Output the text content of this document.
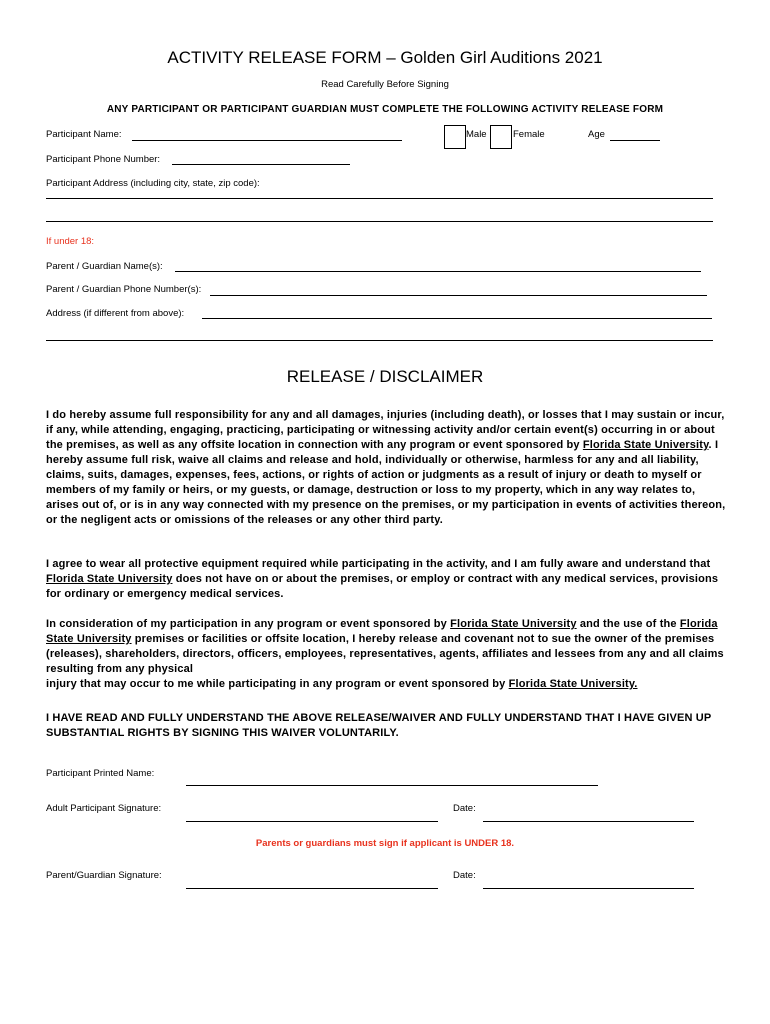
ACTIVITY RELEASE FORM – Golden Girl Auditions 2021
Read Carefully Before Signing
ANY PARTICIPANT OR PARTICIPANT GUARDIAN MUST COMPLETE THE FOLLOWING ACTIVITY RELEASE FORM
Participant Name:	Male	Female	Age
Participant Phone Number:
Participant Address (including city, state, zip code):
If under 18:
Parent / Guardian Name(s):
Parent / Guardian Phone Number(s):
Address (if different from above):
RELEASE / DISCLAIMER
I do hereby assume full responsibility for any and all damages, injuries (including death), or losses that I may sustain or incur, if any, while attending, engaging, practicing, participating or witnessing activity and/or certain event(s) occurring in or about the premises, as well as any offsite location in connection with any program or event sponsored by Florida State University. I hereby assume full risk, waive all claims and release and hold, individually or otherwise, harmless for any and all liability, claims, suits, damages, expenses, fees, actions, or rights of action or judgments as a result of injury or death to myself or members of my family or heirs, or my guests, or damage, destruction or loss to my property, which in any way relates to, arises out of, or is in any way connected with my presence on the premises, or my participation in events of activities thereon, or the negligent acts or omissions of the releases or any other third party.
I agree to wear all protective equipment required while participating in the activity, and I am fully aware and understand that Florida State University does not have on or about the premises, or employ or contract with any medical services, provisions for ordinary or emergency medical services.
In consideration of my participation in any program or event sponsored by Florida State University and the use of the Florida State University premises or facilities or offsite location, I hereby release and covenant not to sue the owner of the premises (releases), shareholders, directors, officers, employees, representatives, agents, affiliates and lessees from any and all claims resulting from any physical
injury that may occur to me while participating in any program or event sponsored by Florida State University.
I HAVE READ AND FULLY UNDERSTAND THE ABOVE RELEASE/WAIVER AND FULLY UNDERSTAND THAT I HAVE GIVEN UP SUBSTANTIAL RIGHTS BY SIGNING THIS WAIVER VOLUNTARILY.
Participant Printed Name:
Adult Participant Signature:	Date:
Parents or guardians must sign if applicant is UNDER 18.
Parent/Guardian Signature:	Date:
